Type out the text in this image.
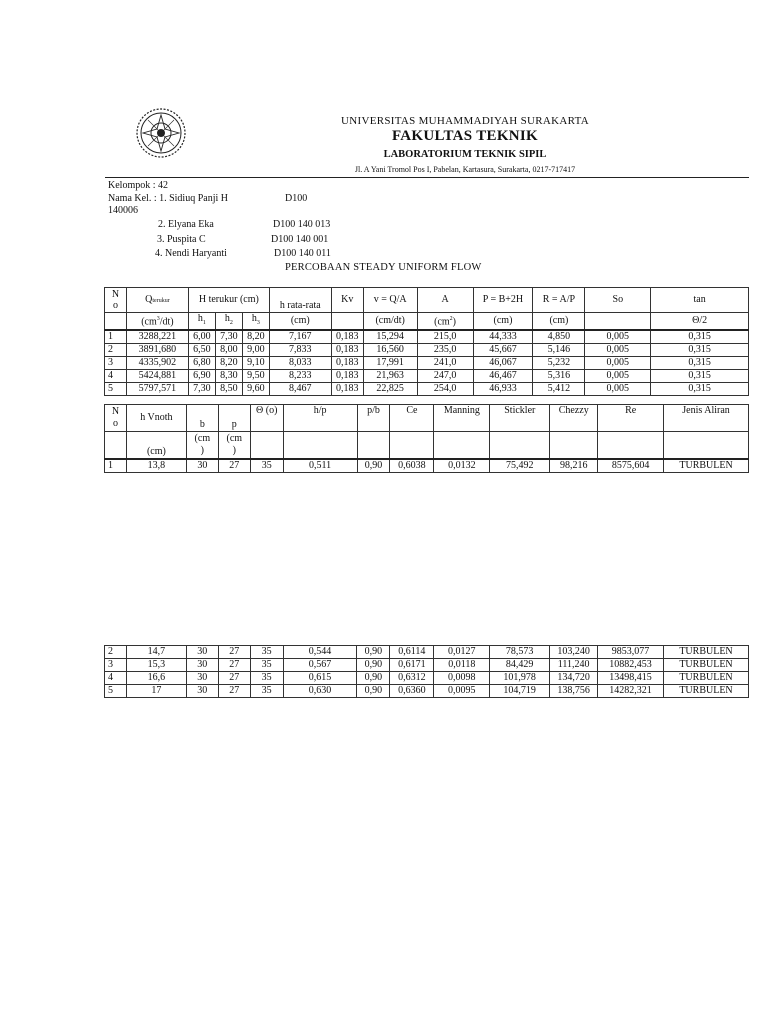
UNIVERSITAS MUHAMMADIYAH SURAKARTA
FAKULTAS TEKNIK
LABORATORIUM TEKNIK SIPIL
Jl. A Yani Tromol Pos I, Pabelan, Kartasura, Surakarta, 0217-717417
Kelompok : 42
Nama Kel. : 1. Sidiuq Panji H	D100
140006
2. Elyana Eka	D100 140 013
3. Puspita C	D100 140 001
4. Nendi Haryanti	D100 140 011
PERCOBAAN STEADY UNIFORM FLOW
N
o	Qterukur	H terukur (cm)			h rata-rata	Kv	v = Q/A	A	P = B+2H	R = A/P	So	tan
	$(cm^3/dt)$	$h_1$	$h_2$	$h_3$	(cm)		(cm/dt)	$(cm^2)$	(cm)	(cm)		Θ/2
1	3288,221	6,00	7,30	8,20	7,167	0,183	15,294	215,0	44,333	4,850	0,005	0,315
2	3891,680	6,50	8,00	9,00	7,833	0,183	16,560	235,0	45,667	5,146	0,005	0,315
3	4335,902	6,80	8,20	9,10	8,033	0,183	17,991	241,0	46,067	5,232	0,005	0,315
4	5424,881	6,90	8,30	9,50	8,233	0,183	21,963	247,0	46,467	5,316	0,005	0,315
5	5797,571	7,30	8,50	9,60	8,467	0,183	22,825	254,0	46,933	5,412	0,005	0,315
N
o	h Vnoth	b	p	Θ (o)	h/p	p/b	Ce	Manning	Stickler	Chezzy	Re	Jenis Aliran
	(cm)	(cm
)	(cm
)									
1	13,8	30	27	35	0,511	0,90	0,6038	0,0132	75,492	98,216	8575,604	TURBULEN
2	14,7	30	27	35	0,544	0,90	0,6114	0,0127	78,573	103,240	9853,077	TURBULEN
3	15,3	30	27	35	0,567	0,90	0,6171	0,0118	84,429	111,240	10882,453	TURBULEN
4	16,6	30	27	35	0,615	0,90	0,6312	0,0098	101,978	134,720	13498,415	TURBULEN
5	17	30	27	35	0,630	0,90	0,6360	0,0095	104,719	138,756	14282,321	TURBULEN
